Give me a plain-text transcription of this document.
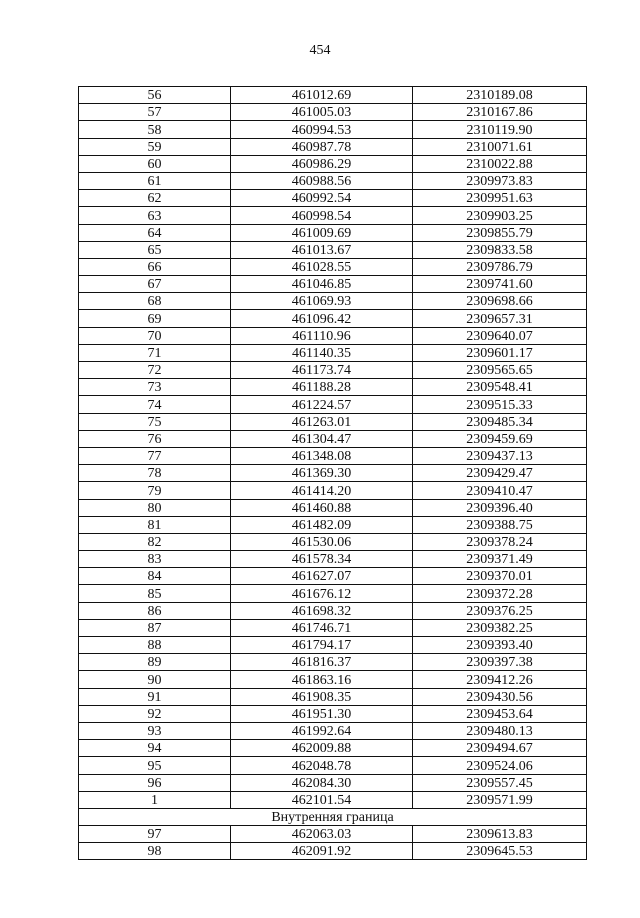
454
56	461012.69	2310189.08
57	461005.03	2310167.86
58	460994.53	2310119.90
59	460987.78	2310071.61
60	460986.29	2310022.88
61	460988.56	2309973.83
62	460992.54	2309951.63
63	460998.54	2309903.25
64	461009.69	2309855.79
65	461013.67	2309833.58
66	461028.55	2309786.79
67	461046.85	2309741.60
68	461069.93	2309698.66
69	461096.42	2309657.31
70	461110.96	2309640.07
71	461140.35	2309601.17
72	461173.74	2309565.65
73	461188.28	2309548.41
74	461224.57	2309515.33
75	461263.01	2309485.34
76	461304.47	2309459.69
77	461348.08	2309437.13
78	461369.30	2309429.47
79	461414.20	2309410.47
80	461460.88	2309396.40
81	461482.09	2309388.75
82	461530.06	2309378.24
83	461578.34	2309371.49
84	461627.07	2309370.01
85	461676.12	2309372.28
86	461698.32	2309376.25
87	461746.71	2309382.25
88	461794.17	2309393.40
89	461816.37	2309397.38
90	461863.16	2309412.26
91	461908.35	2309430.56
92	461951.30	2309453.64
93	461992.64	2309480.13
94	462009.88	2309494.67
95	462048.78	2309524.06
96	462084.30	2309557.45
1	462101.54	2309571.99
Внутренняя граница		
97	462063.03	2309613.83
98	462091.92	2309645.53
